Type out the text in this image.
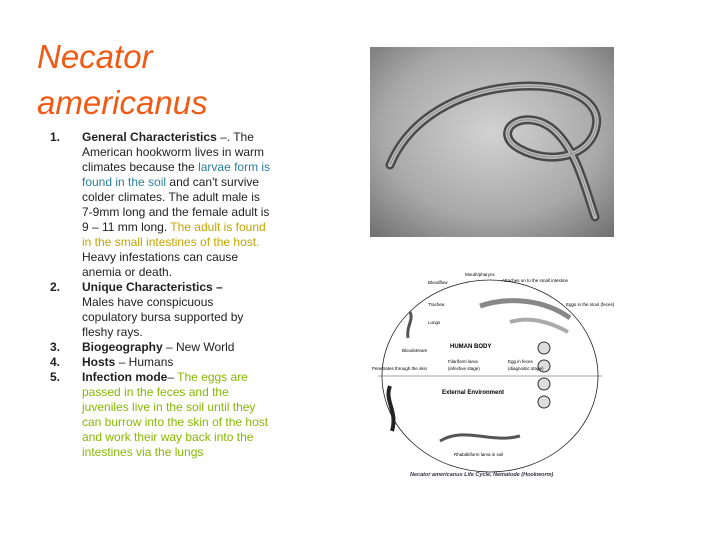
Necator
americanus
1. General Characteristics –. The American hookworm lives in warm climates because the larvae form is found in the soil and can't survive colder climates. The adult male is 7-9mm long and the female adult is 9 – 11 mm long. The adult is found in the small intestines of the host. Heavy infestations can cause anemia or death.
2. Unique Characteristics –
Males have conspicuous copulatory bursa supported by fleshy rays.
3. Biogeography – New World
4. Hosts – Humans
5. Infection mode– The eggs are passed in the feces and the juveniles live in the soil until they can burrow into the skin of the host and work their way back into the intestines via the lungs
HUMAN BODY
External Environment
Mouth/pharynx
Bloodflow
Trachea
Lungs
Bloodstream
Penetrates through the skin
Attaches on to the small intestine
Eggs in the stool (feces)
Filariform larva
(infective stage)
Egg in feces
(diagnostic stage)
Rhabditiform larva in soil
Necator americanus Life Cycle, Nematode (Hookworm)
